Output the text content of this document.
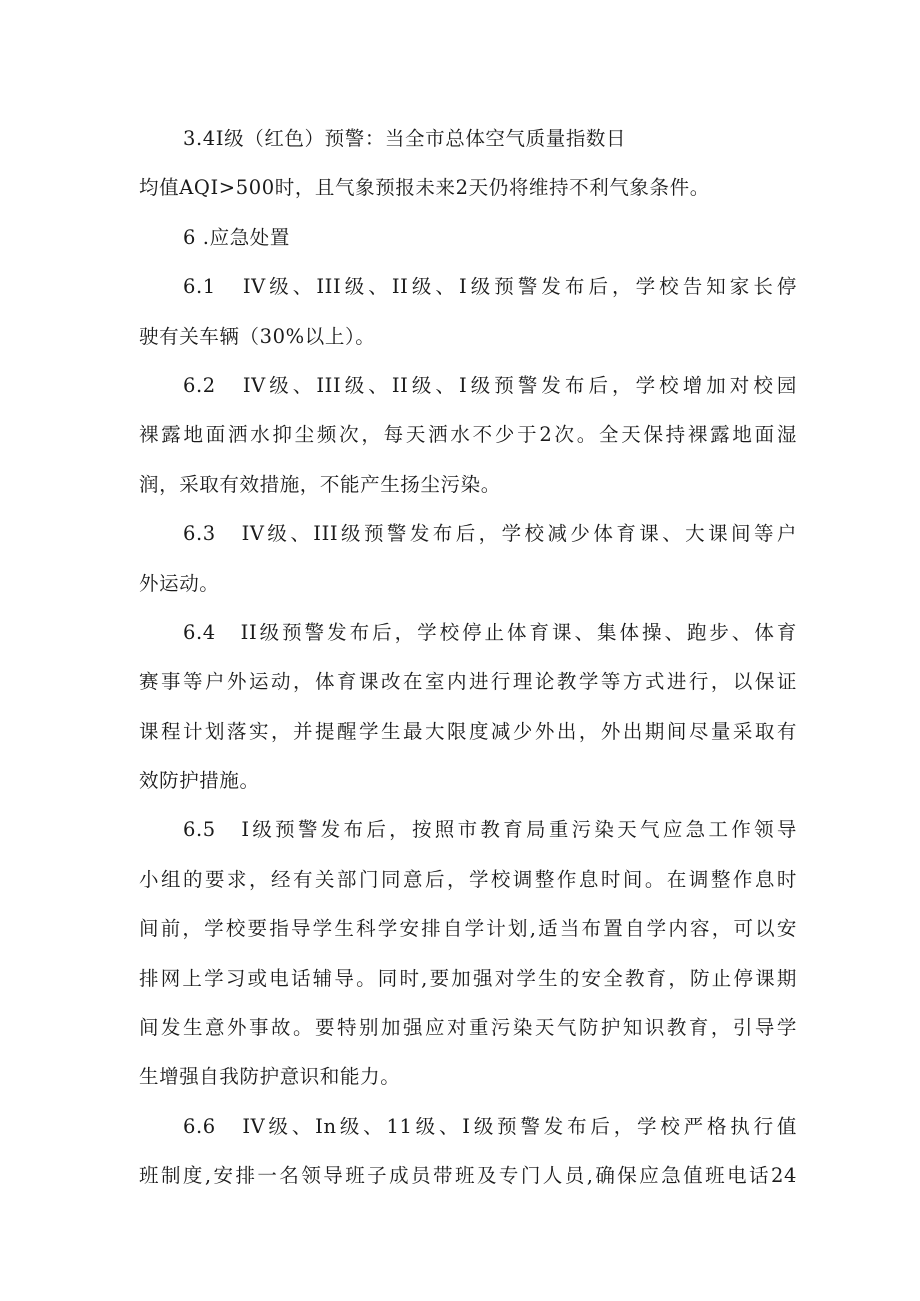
3.4I级（红色）预警：当全市总体空气质量指数日
均值AQI>500时，且气象预报未来2天仍将维持不利气象条件。
6 .应急处置
6.1　IV级、III级、II级、I级预警发布后，学校告知家长停
驶有关车辆（30%以上）。
6.2　IV级、III级、II级、I级预警发布后，学校增加对校园
裸露地面洒水抑尘频次，每天洒水不少于2次。全天保持裸露地面湿
润，采取有效措施，不能产生扬尘污染。
6.3　IV级、III级预警发布后，学校减少体育课、大课间等户
外运动。
6.4　II级预警发布后，学校停止体育课、集体操、跑步、体育
赛事等户外运动，体育课改在室内进行理论教学等方式进行，以保证
课程计划落实，并提醒学生最大限度减少外出，外出期间尽量采取有
效防护措施。
6.5　I级预警发布后，按照市教育局重污染天气应急工作领导
小组的要求，经有关部门同意后，学校调整作息时间。在调整作息时
间前，学校要指导学生科学安排自学计划,适当布置自学内容，可以安
排网上学习或电话辅导。同时,要加强对学生的安全教育，防止停课期
间发生意外事故。要特别加强应对重污染天气防护知识教育，引导学
生增强自我防护意识和能力。
6.6　IV级、In级、11级、I级预警发布后，学校严格执行值
班制度,安排一名领导班子成员带班及专门人员,确保应急值班电话24
